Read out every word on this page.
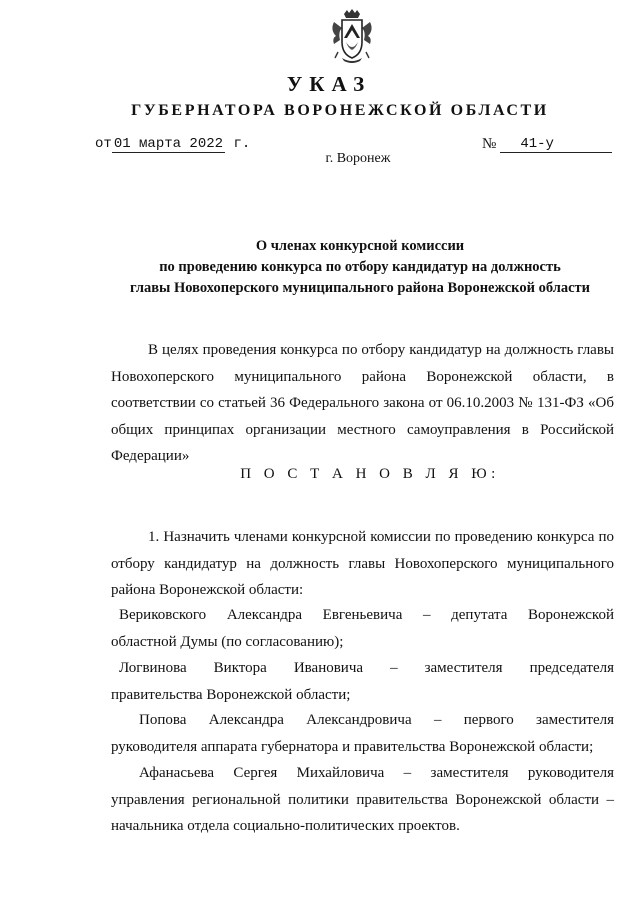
УКАЗ
ГУБЕРНАТОРА ВОРОНЕЖСКОЙ ОБЛАСТИ
от 01 марта 2022 г.	№	41-у
г. Воронеж
О членах конкурсной комиссии
по проведению конкурса по отбору кандидатур на должность
главы Новохоперского муниципального района Воронежской области
В целях проведения конкурса по отбору кандидатур на должность главы Новохоперского муниципального района Воронежской области, в соответствии со статьей 36 Федерального закона от 06.10.2003 № 131-ФЗ «Об общих принципах организации местного самоуправления в Российской Федерации»
П О С Т А Н О В Л Я Ю:
1. Назначить членами конкурсной комиссии по проведению конкурса по отбору кандидатур на должность главы Новохоперского муниципального района Воронежской области:
Вериковского Александра Евгеньевича – депутата Воронежской
областной Думы (по согласованию);
Логвинова Виктора Ивановича – заместителя председателя
правительства Воронежской области;
Попова Александра Александровича – первого заместителя
руководителя аппарата губернатора и правительства Воронежской области;
Афанасьева Сергея Михайловича – заместителя руководителя
управления региональной политики правительства Воронежской области –
начальника отдела социально-политических проектов.
